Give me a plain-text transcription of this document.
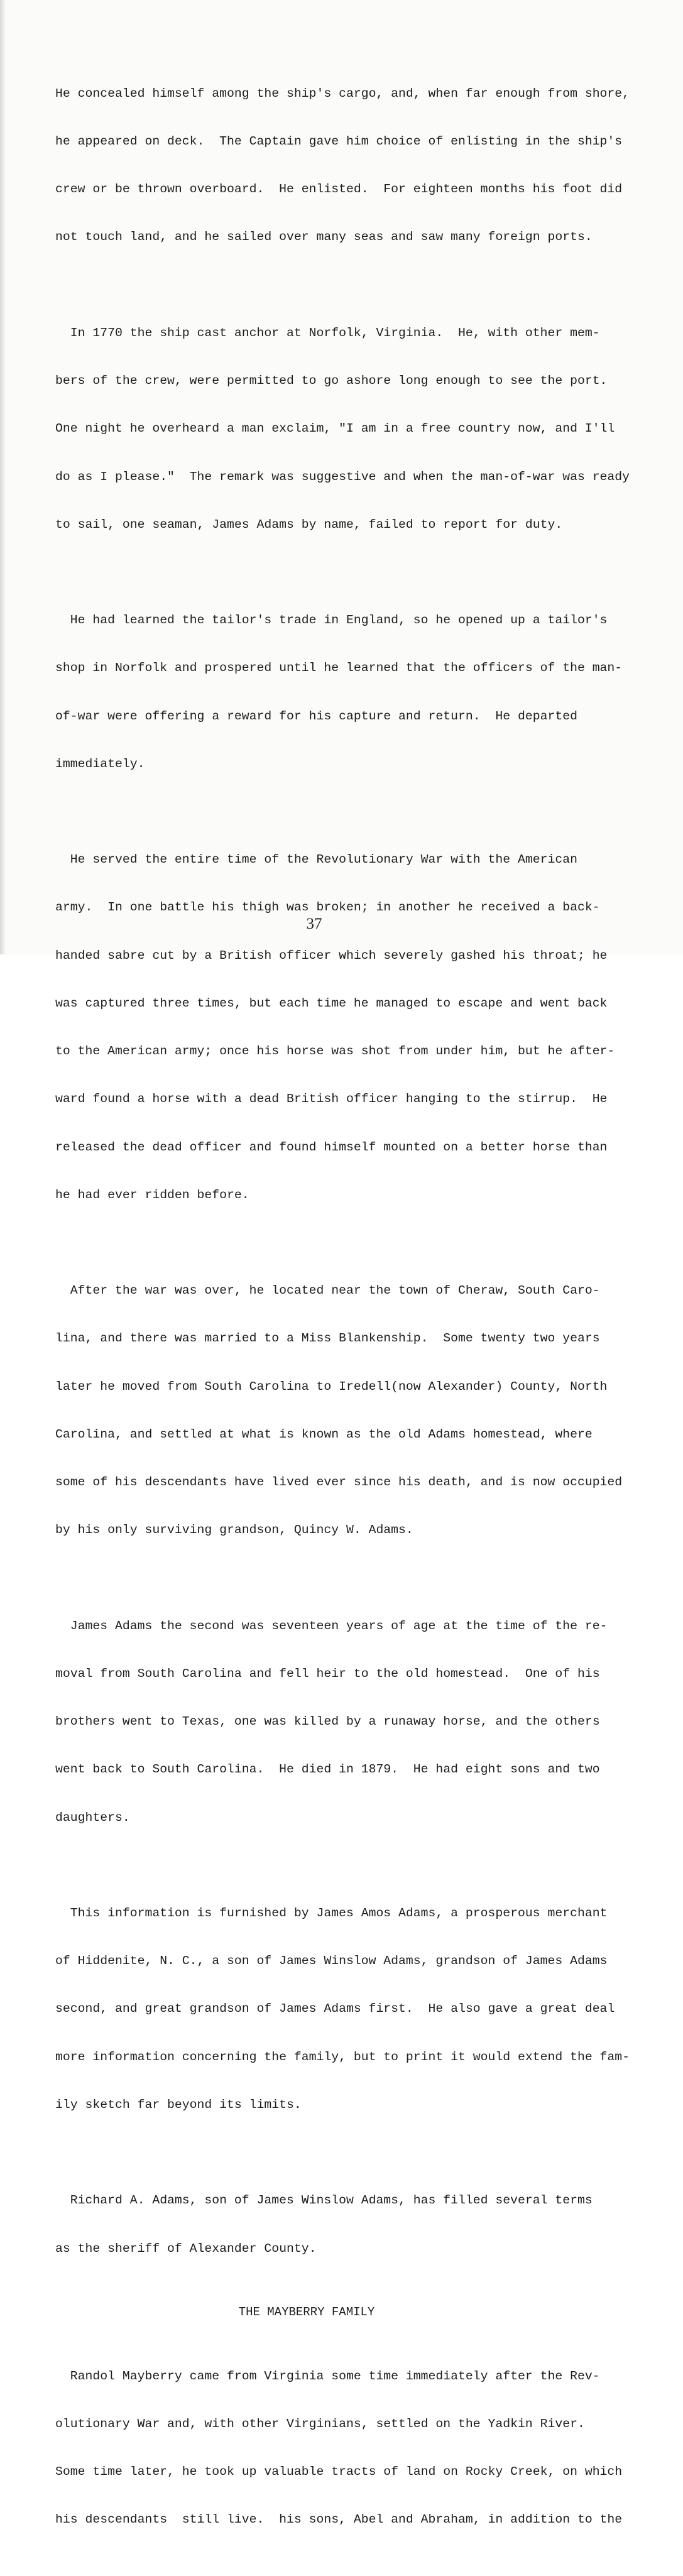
He concealed himself among the ship's cargo, and, when far enough from shore,

he appeared on deck.  The Captain gave him choice of enlisting in the ship's

crew or be thrown overboard.  He enlisted.  For eighteen months his foot did

not touch land, and he sailed over many seas and saw many foreign ports.

In 1770 the ship cast anchor at Norfolk, Virginia.  He, with other mem-

bers of the crew, were permitted to go ashore long enough to see the port.

One night he overheard a man exclaim, "I am in a free country now, and I'll

do as I please."  The remark was suggestive and when the man-of-war was ready

to sail, one seaman, James Adams by name, failed to report for duty.

He had learned the tailor's trade in England, so he opened up a tailor's

shop in Norfolk and prospered until he learned that the officers of the man-

of-war were offering a reward for his capture and return.  He departed

immediately.

He served the entire time of the Revolutionary War with the American

army.  In one battle his thigh was broken; in another he received a back-

handed sabre cut by a British officer which severely gashed his throat; he

was captured three times, but each time he managed to escape and went back

to the American army; once his horse was shot from under him, but he after-

ward found a horse with a dead British officer hanging to the stirrup.  He

released the dead officer and found himself mounted on a better horse than

he had ever ridden before.

After the war was over, he located near the town of Cheraw, South Caro-

lina, and there was married to a Miss Blankenship.  Some twenty two years

later he moved from South Carolina to Iredell(now Alexander) County, North

Carolina, and settled at what is known as the old Adams homestead, where

some of his descendants have lived ever since his death, and is now occupied

by his only surviving grandson, Quincy W. Adams.

James Adams the second was seventeen years of age at the time of the re-

moval from South Carolina and fell heir to the old homestead.  One of his

brothers went to Texas, one was killed by a runaway horse, and the others

went back to South Carolina.  He died in 1879.  He had eight sons and two

daughters.

This information is furnished by James Amos Adams, a prosperous merchant

of Hiddenite, N. C., a son of James Winslow Adams, grandson of James Adams

second, and great grandson of James Adams first.  He also gave a great deal

more information concerning the family, but to print it would extend the fam-

ily sketch far beyond its limits.

Richard A. Adams, son of James Winslow Adams, has filled several terms

as the sheriff of Alexander County.

THE MAYBERRY FAMILY

Randol Mayberry came from Virginia some time immediately after the Rev-

olutionary War and, with other Virginians, settled on the Yadkin River.

Some time later, he took up valuable tracts of land on Rocky Creek, on which

his descendants  still live.  his sons, Abel and Abraham, in addition to the

37
